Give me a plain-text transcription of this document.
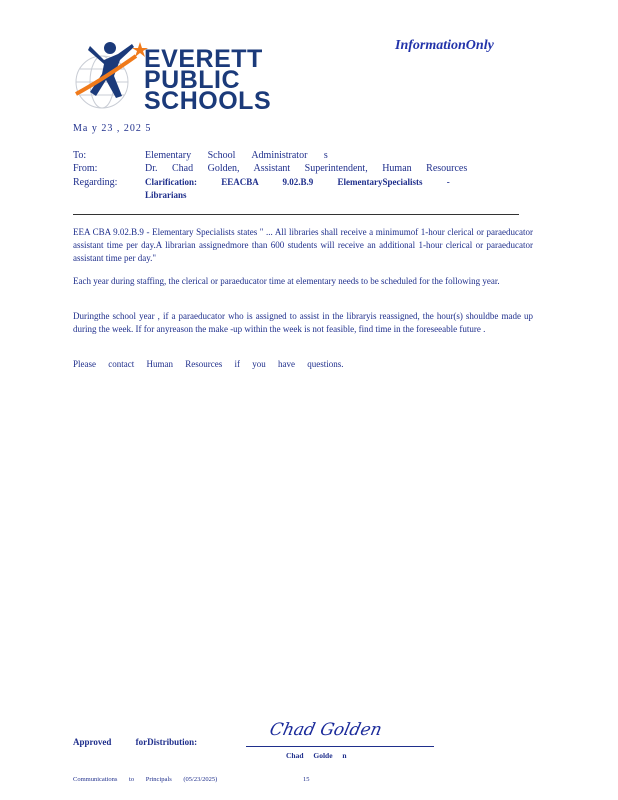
EVERETT
PUBLIC
SCHOOLS
InformationOnly
Ma y 23 , 202 5
To:	Elementary School Administrator s
From:	Dr. Chad Golden, Assistant Superintendent, Human Resources
Regarding:	Clarification: EEACBA 9.02.B.9 ElementarySpecialists -
Librarians
EEA CBA 9.02.B.9 - Elementary Specialists states " ... All libraries shall receive a minimumof 1-hour clerical or paraeducator assistant time per day.A librarian assignedmore than 600 students will receive an additional 1-hour clerical or paraeducator assistant time per day."
Each year during staffing, the clerical or paraeducator time at elementary needs to be scheduled for the following year.
Duringthe school year , if a paraeducator who is assigned to assist in the libraryis reassigned, the hour(s) shouldbe made up during the week. If for anyreason the make -up within the week is not feasible, find time in the foreseeable future .
Please contact Human Resources if you have questions.
Approved forDistribution:
Chad Golden
Chad Golde n
Communications to Principals (05/23/2025)	15
